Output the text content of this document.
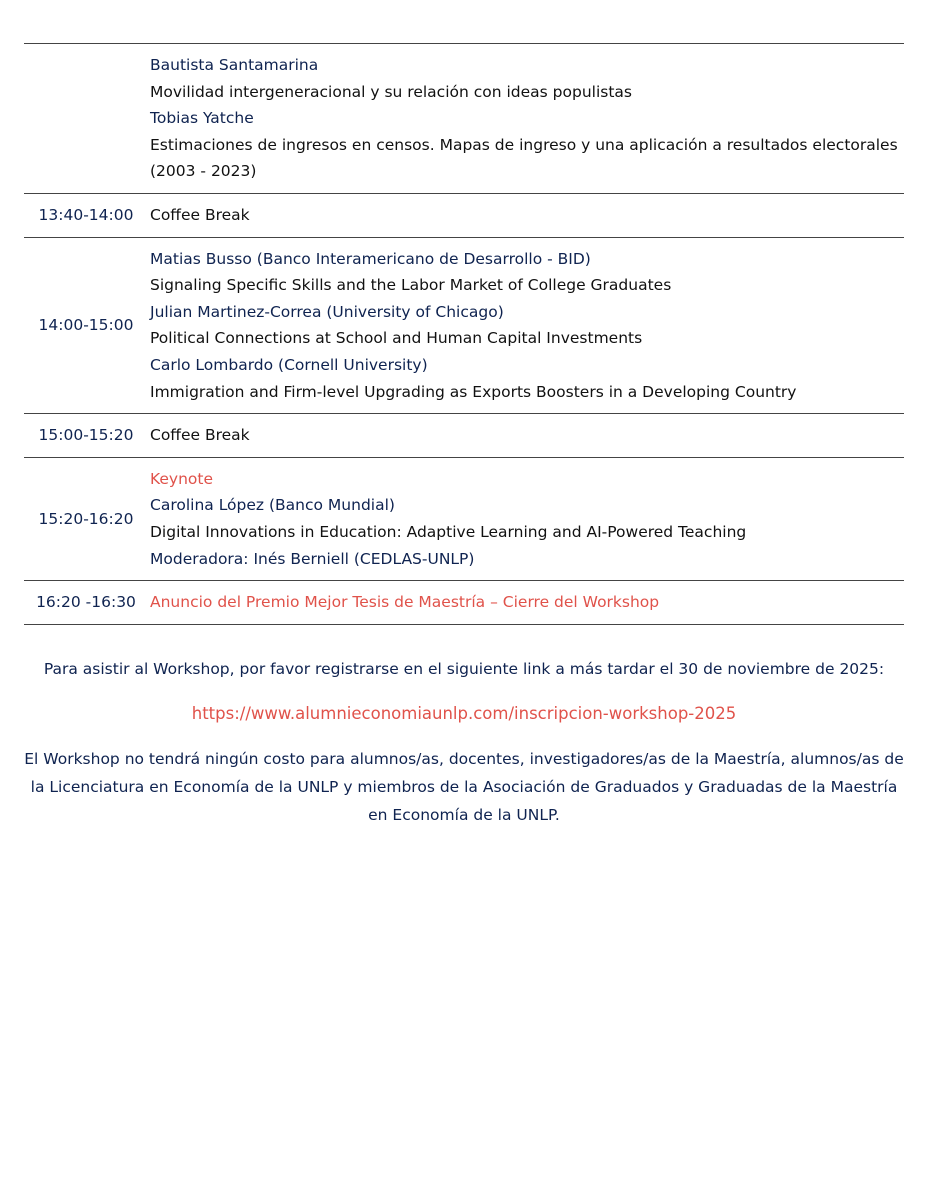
Bautista Santamarina
Movilidad intergeneracional y su relación con ideas populistas
Tobias Yatche
Estimaciones de ingresos en censos. Mapas de ingreso y una aplicación a resultados electorales (2003 - 2023)
13:40-14:00	Coffee Break
14:00-15:00
Matias Busso (Banco Interamericano de Desarrollo - BID)
Signaling Specific Skills and the Labor Market of College Graduates
Julian Martinez-Correa (University of Chicago)
Political Connections at School and Human Capital Investments
Carlo Lombardo (Cornell University)
Immigration and Firm-level Upgrading as Exports Boosters in a Developing Country
15:00-15:20	Coffee Break
15:20-16:20
Keynote
Carolina López (Banco Mundial)
Digital Innovations in Education: Adaptive Learning and AI-Powered Teaching
Moderadora: Inés Berniell (CEDLAS-UNLP)
16:20 -16:30 Anuncio del Premio Mejor Tesis de Maestría – Cierre del Workshop
Para asistir al Workshop, por favor registrarse en el siguiente link a más tardar el 30 de noviembre de 2025:
https://www.alumnieconomiaunlp.com/inscripcion-workshop-2025
El Workshop no tendrá ningún costo para alumnos/as, docentes, investigadores/as de la Maestría, alumnos/as de la Licenciatura en Economía de la UNLP y miembros de la Asociación de Graduados y Graduadas de la Maestría en Economía de la UNLP.
